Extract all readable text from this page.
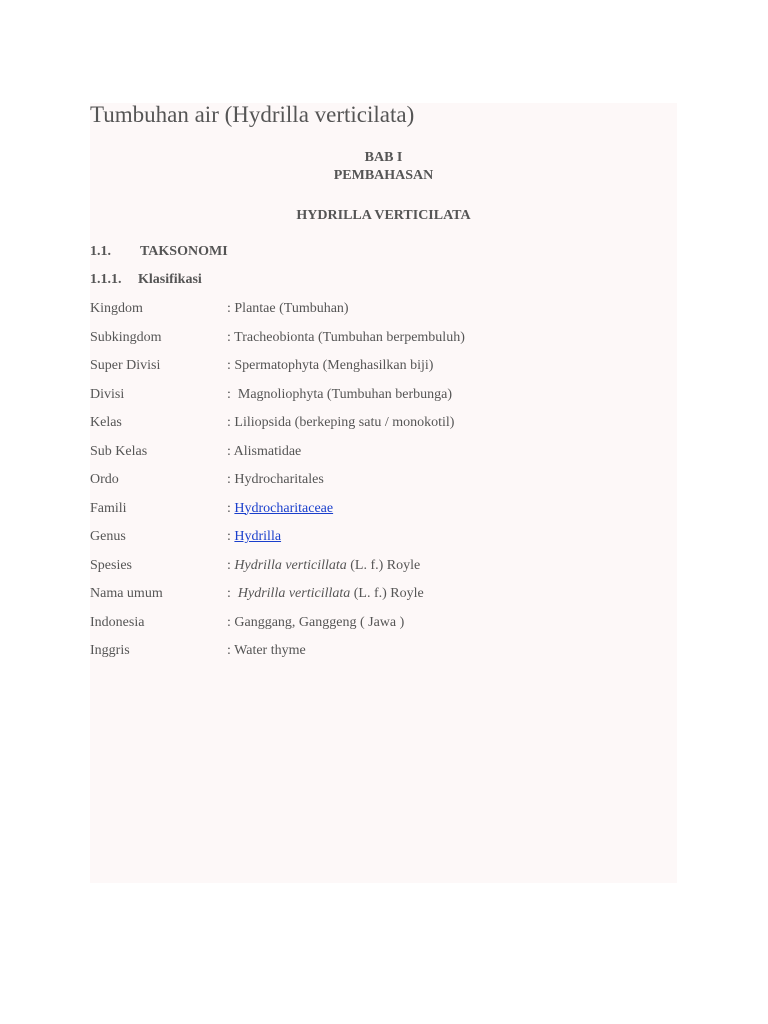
Tumbuhan air (Hydrilla verticilata)
BAB I
PEMBAHASAN
HYDRILLA VERTICILATA
1.1. TAKSONOMI
1.1.1. Klasifikasi
Kingdom	: Plantae (Tumbuhan)
Subkingdom	: Tracheobionta (Tumbuhan berpembuluh)
Super Divisi	: Spermatophyta (Menghasilkan biji)
Divisi	:  Magnoliophyta (Tumbuhan berbunga)
Kelas	: Liliopsida (berkeping satu / monokotil)
Sub Kelas	: Alismatidae
Ordo	: Hydrocharitales
Famili	: Hydrocharitaceae
Genus	: Hydrilla
Spesies	: Hydrilla verticillata (L. f.) Royle
Nama umum	:  Hydrilla verticillata (L. f.) Royle
Indonesia	: Ganggang, Ganggeng ( Jawa )
Inggris	: Water thyme
